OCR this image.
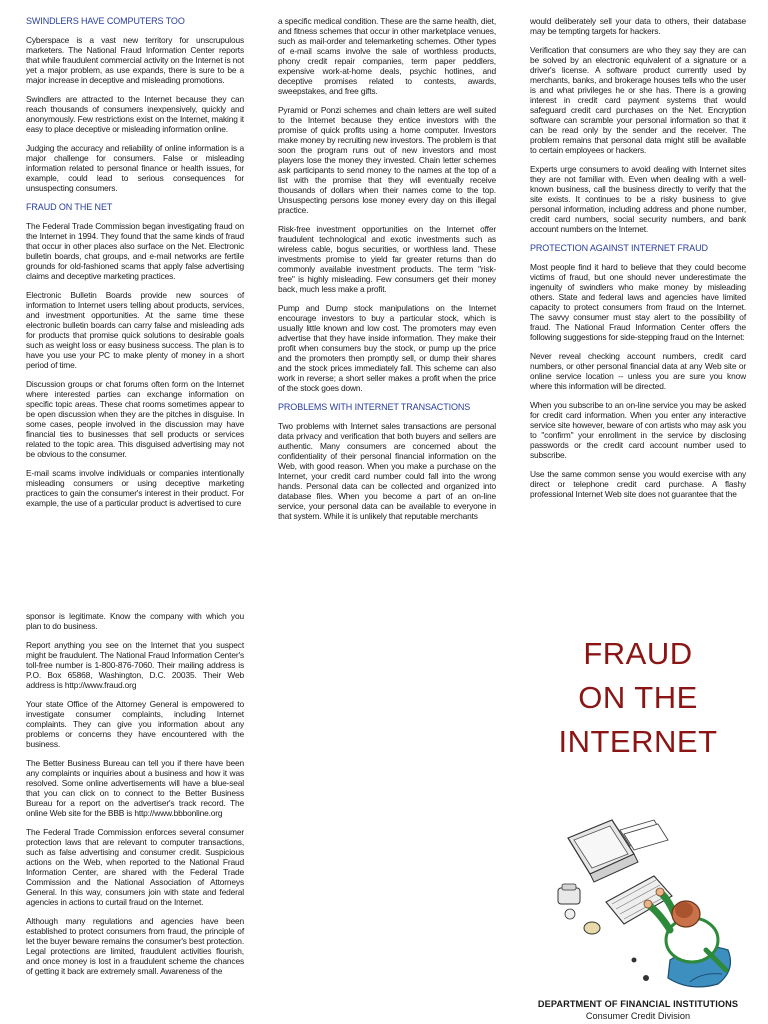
SWINDLERS HAVE COMPUTERS TOO

Cyberspace is a vast new territory for unscrupulous marketers. The National Fraud Information Center reports that while fraudulent commercial activity on the Internet is not yet a major problem, as use expands, there is sure to be a major increase in deceptive and misleading promotions.

Swindlers are attracted to the Internet because they can reach thousands of consumers inexpensively, quickly and anonymously. Few restrictions exist on the Internet, making it easy to place deceptive or misleading information online.

Judging the accuracy and reliability of online information is a major challenge for consumers. False or misleading information related to personal finance or health issues, for example, could lead to serious consequences for unsuspecting consumers.

FRAUD ON THE NET

The Federal Trade Commission began investigating fraud on the Internet in 1994. They found that the same kinds of fraud that occur in other places also surface on the Net. Electronic bulletin boards, chat groups, and e-mail networks are fertile grounds for old-fashioned scams that apply false advertising claims and deceptive marketing practices.

Electronic Bulletin Boards provide new sources of information to Internet users telling about products, services, and investment opportunities. At the same time these electronic bulletin boards can carry false and misleading ads for products that promise quick solutions to desirable goals such as weight loss or easy business success. The plan is to have you use your PC to make plenty of money in a short period of time.

Discussion groups or chat forums often form on the Internet where interested parties can exchange information on specific topic areas. These chat rooms sometimes appear to be open discussion when they are the pitches in disguise. In some cases, people involved in the discussion may have financial ties to businesses that sell products or services related to the topic area. This disguised advertising may not be obvious to the consumer.

E-mail scams involve individuals or companies intentionally misleading consumers or using deceptive marketing practices to gain the consumer's interest in their product. For example, the use of a particular product is advertised to cure

a specific medical condition. These are the same health, diet, and fitness schemes that occur in other marketplace venues, such as mail-order and telemarketing schemes. Other types of e-mail scams involve the sale of worthless products, phony credit repair companies, term paper peddlers, expensive work-at-home deals, psychic hotlines, and deceptive promises related to contests, awards, sweepstakes, and free gifts.

Pyramid or Ponzi schemes and chain letters are well suited to the Internet because they entice investors with the promise of quick profits using a home computer. Investors make money by recruiting new investors. The problem is that soon the program runs out of new investors and most players lose the money they invested. Chain letter schemes ask participants to send money to the names at the top of a list with the promise that they will eventually receive thousands of dollars when their names come to the top. Unsuspecting persons lose money every day on this illegal practice.

Risk-free investment opportunities on the Internet offer fraudulent technological and exotic investments such as wireless cable, bogus securities, or worthless land. These investments promise to yield far greater returns than do commonly available investment products. The term "risk-free" is highly misleading. Few consumers get their money back, much less make a profit.

Pump and Dump stock manipulations on the Internet encourage investors to buy a particular stock, which is usually little known and low cost. The promoters may even advertise that they have inside information. They make their profit when consumers buy the stock, or pump up the price and the promoters then promptly sell, or dump their shares and the stock prices immediately fall. This scheme can also work in reverse; a short seller makes a profit when the price of the stock goes down.

PROBLEMS WITH INTERNET TRANSACTIONS

Two problems with Internet sales transactions are personal data privacy and verification that both buyers and sellers are authentic. Many consumers are concerned about the confidentiality of their personal financial information on the Web, with good reason. When you make a purchase on the Internet, your credit card number could fall into the wrong hands. Personal data can be collected and organized into database files. When you become a part of an on-line service, your personal data can be available to everyone in that system. While it is unlikely that reputable merchants

would deliberately sell your data to others, their database may be tempting targets for hackers.

Verification that consumers are who they say they are can be solved by an electronic equivalent of a signature or a driver's license. A software product currently used by merchants, banks, and brokerage houses tells who the user is and what privileges he or she has. There is a growing interest in credit card payment systems that would safeguard credit card purchases on the Net. Encryption software can scramble your personal information so that it can be read only by the sender and the receiver. The problem remains that personal data might still be available to certain employees or hackers.

Experts urge consumers to avoid dealing with Internet sites they are not familiar with. Even when dealing with a well-known business, call the business directly to verify that the site exists. It continues to be a risky business to give personal information, including address and phone number, credit card numbers, social security numbers, and bank account numbers on the Internet.

PROTECTION AGAINST INTERNET FRAUD

Most people find it hard to believe that they could become victims of fraud, but one should never underestimate the ingenuity of swindlers who make money by misleading others. State and federal laws and agencies have limited capacity to protect consumers from fraud on the Internet. The savvy consumer must stay alert to the possibility of fraud. The National Fraud Information Center offers the following suggestions for side-stepping fraud on the Internet:

Never reveal checking account numbers, credit card numbers, or other personal financial data at any Web site or online service location -- unless you are sure you know where this information will be directed.

When you subscribe to an on-line service you may be asked for credit card information. When you enter any interactive service site however, beware of con artists who may ask you to "confirm" your enrollment in the service by disclosing passwords or the credit card account number used to subscribe.

Use the same common sense you would exercise with any direct or telephone credit card purchase. A flashy professional Internet Web site does not guarantee that the

sponsor is legitimate. Know the company with which you plan to do business.

Report anything you see on the Internet that you suspect might be fraudulent. The National Fraud Information Center's toll-free number is 1-800-876-7060. Their mailing address is P.O. Box 65868, Washington, D.C. 20035. Their Web address is http://www.fraud.org

Your state Office of the Attorney General is empowered to investigate consumer complaints, including Internet complaints. They can give you information about any problems or concerns they have encountered with the business.

The Better Business Bureau can tell you if there have been any complaints or inquiries about a business and how it was resolved. Some online advertisements will have a blue-seal that you can click on to connect to the Better Business Bureau for a report on the advertiser's track record. The online Web site for the BBB is http://www.bbbonline.org

The Federal Trade Commission enforces several consumer protection laws that are relevant to computer transactions, such as false advertising and consumer credit. Suspicious actions on the Web, when reported to the National Fraud Information Center, are shared with the Federal Trade Commission and the National Association of Attorneys General. In this way, consumers join with state and federal agencies in actions to curtail fraud on the Internet.

Although many regulations and agencies have been established to protect consumers from fraud, the principle of let the buyer beware remains the consumer's best protection. Legal protections are limited, fraudulent activities flourish, and once money is lost in a fraudulent scheme the chances of getting it back are extremely small. Awareness of the

FRAUD
ON THE
INTERNET
DEPARTMENT OF FINANCIAL INSTITUTIONS
Consumer Credit Division
